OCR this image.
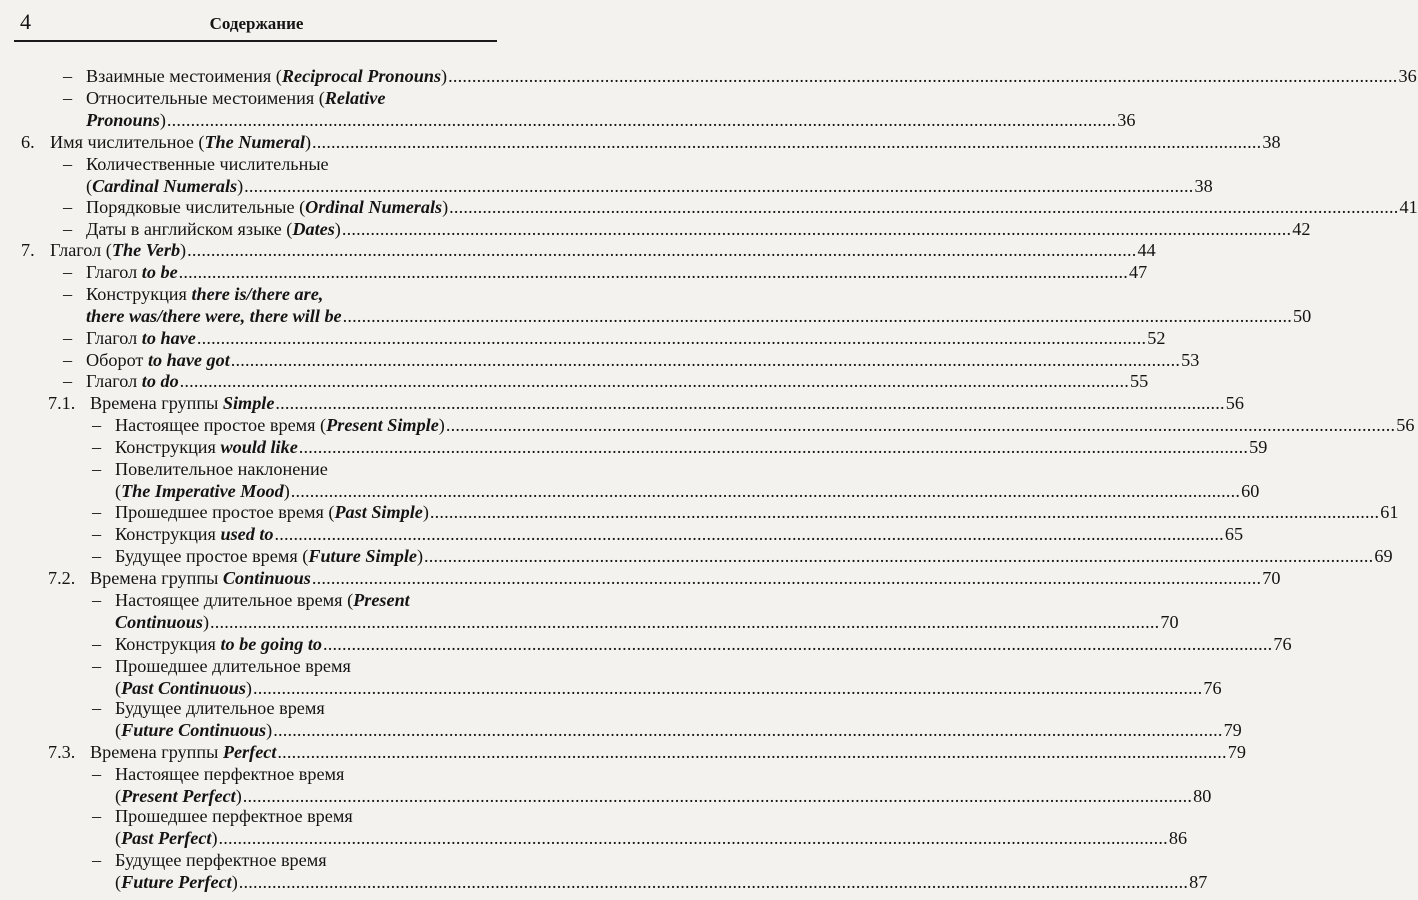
4	Содержание
– Взаимные местоимения (Reciprocal Pronouns) ........................................................................................................................................................................................................ 36
– Относительные местоимения (Relative
Pronouns) ........................................................................................................................................................................................................ 36
6. Имя числительное (The Numeral) ........................................................................................................................................................................................................ 38
– Количественные числительные
(Cardinal Numerals) ........................................................................................................................................................................................................ 38
– Порядковые числительные (Ordinal Numerals) ........................................................................................................................................................................................................ 41
– Даты в английском языке (Dates) ........................................................................................................................................................................................................ 42
7. Глагол (The Verb) ........................................................................................................................................................................................................ 44
– Глагол to be ........................................................................................................................................................................................................ 47
– Конструкция there is/there are,
there was/there were, there will be ........................................................................................................................................................................................................ 50
– Глагол to have ........................................................................................................................................................................................................ 52
– Оборот to have got ........................................................................................................................................................................................................ 53
– Глагол to do ........................................................................................................................................................................................................ 55
7.1. Времена группы Simple ........................................................................................................................................................................................................ 56
– Настоящее простое время (Present Simple) ........................................................................................................................................................................................................ 56
– Конструкция would like ........................................................................................................................................................................................................ 59
– Повелительное наклонение
(The Imperative Mood) ........................................................................................................................................................................................................ 60
– Прошедшее простое время (Past Simple) ........................................................................................................................................................................................................ 61
– Конструкция used to ........................................................................................................................................................................................................ 65
– Будущее простое время (Future Simple) ........................................................................................................................................................................................................ 69
7.2. Времена группы Continuous ........................................................................................................................................................................................................ 70
– Настоящее длительное время (Present
Continuous) ........................................................................................................................................................................................................ 70
– Конструкция to be going to ........................................................................................................................................................................................................ 76
– Прошедшее длительное время
(Past Continuous) ........................................................................................................................................................................................................ 76
– Будущее длительное время
(Future Continuous) ........................................................................................................................................................................................................ 79
7.3. Времена группы Perfect ........................................................................................................................................................................................................ 79
– Настоящее перфектное время
(Present Perfect) ........................................................................................................................................................................................................ 80
– Прошедшее перфектное время
(Past Perfect) ........................................................................................................................................................................................................ 86
– Будущее перфектное время
(Future Perfect) ........................................................................................................................................................................................................ 87
